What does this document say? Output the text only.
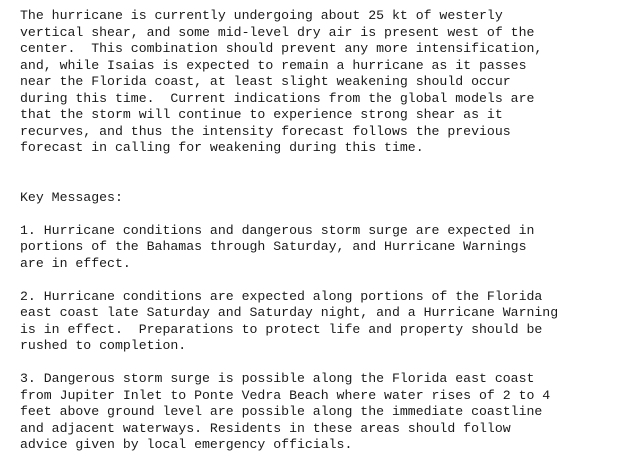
The hurricane is currently undergoing about 25 kt of westerly
vertical shear, and some mid-level dry air is present west of the
center.  This combination should prevent any more intensification,
and, while Isaias is expected to remain a hurricane as it passes
near the Florida coast, at least slight weakening should occur
during this time.  Current indications from the global models are
that the storm will continue to experience strong shear as it
recurves, and thus the intensity forecast follows the previous
forecast in calling for weakening during this time.
Key Messages:
1. Hurricane conditions and dangerous storm surge are expected in
portions of the Bahamas through Saturday, and Hurricane Warnings
are in effect.
2. Hurricane conditions are expected along portions of the Florida
east coast late Saturday and Saturday night, and a Hurricane Warning
is in effect.  Preparations to protect life and property should be
rushed to completion.
3. Dangerous storm surge is possible along the Florida east coast
from Jupiter Inlet to Ponte Vedra Beach where water rises of 2 to 4
feet above ground level are possible along the immediate coastline
and adjacent waterways. Residents in these areas should follow
advice given by local emergency officials.
